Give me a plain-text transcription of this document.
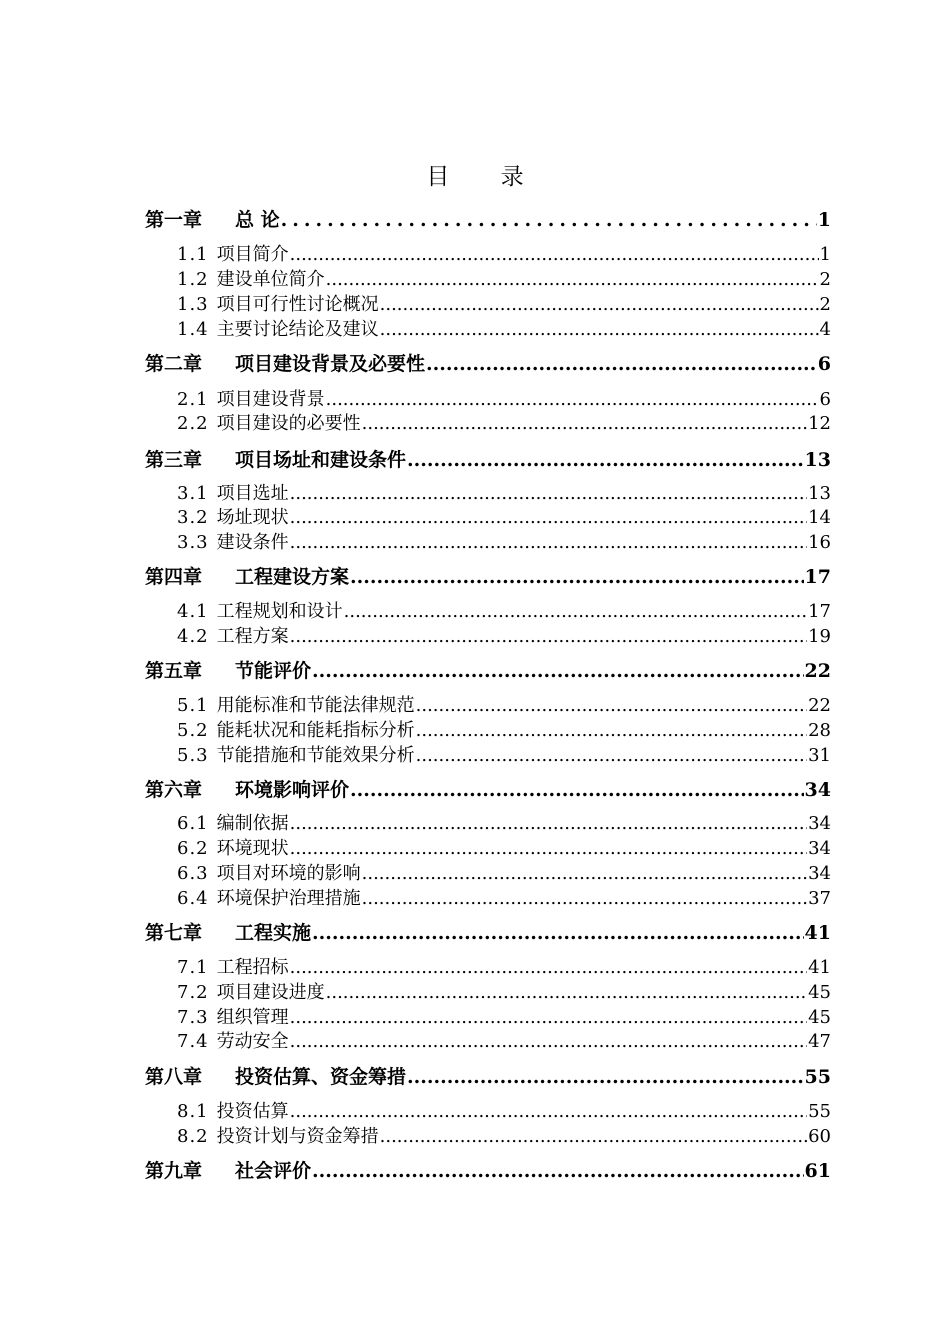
目 录
第一章	总 论 .....	1
1.1 项目简介 .....	1
1.2 建设单位简介 .....	2
1.3 项目可行性讨论概况 .....	2
1.4 主要讨论结论及建议 .....	4
第二章	项目建设背景及必要性 .....	6
2.1 项目建设背景 .....	6
2.2 项目建设的必要性 .....	12
第三章	项目场址和建设条件 .....	13
3.1 项目选址 .....	13
3.2 场址现状 .....	14
3.3 建设条件 .....	16
第四章	工程建设方案 .....	17
4.1 工程规划和设计 .....	17
4.2 工程方案 .....	19
第五章	节能评价 .....	22
5.1 用能标准和节能法律规范 .....	22
5.2 能耗状况和能耗指标分析 .....	28
5.3 节能措施和节能效果分析 .....	31
第六章	环境影响评价 .....	34
6.1 编制依据 .....	34
6.2 环境现状 .....	34
6.3 项目对环境的影响 .....	34
6.4 环境保护治理措施 .....	37
第七章	工程实施 .....	41
7.1 工程招标 .....	41
7.2 项目建设进度 .....	45
7.3 组织管理 .....	45
7.4 劳动安全 .....	47
第八章	投资估算、资金筹措 .....	55
8.1 投资估算 .....	55
8.2 投资计划与资金筹措 .....	60
第九章	社会评价 .....	61
